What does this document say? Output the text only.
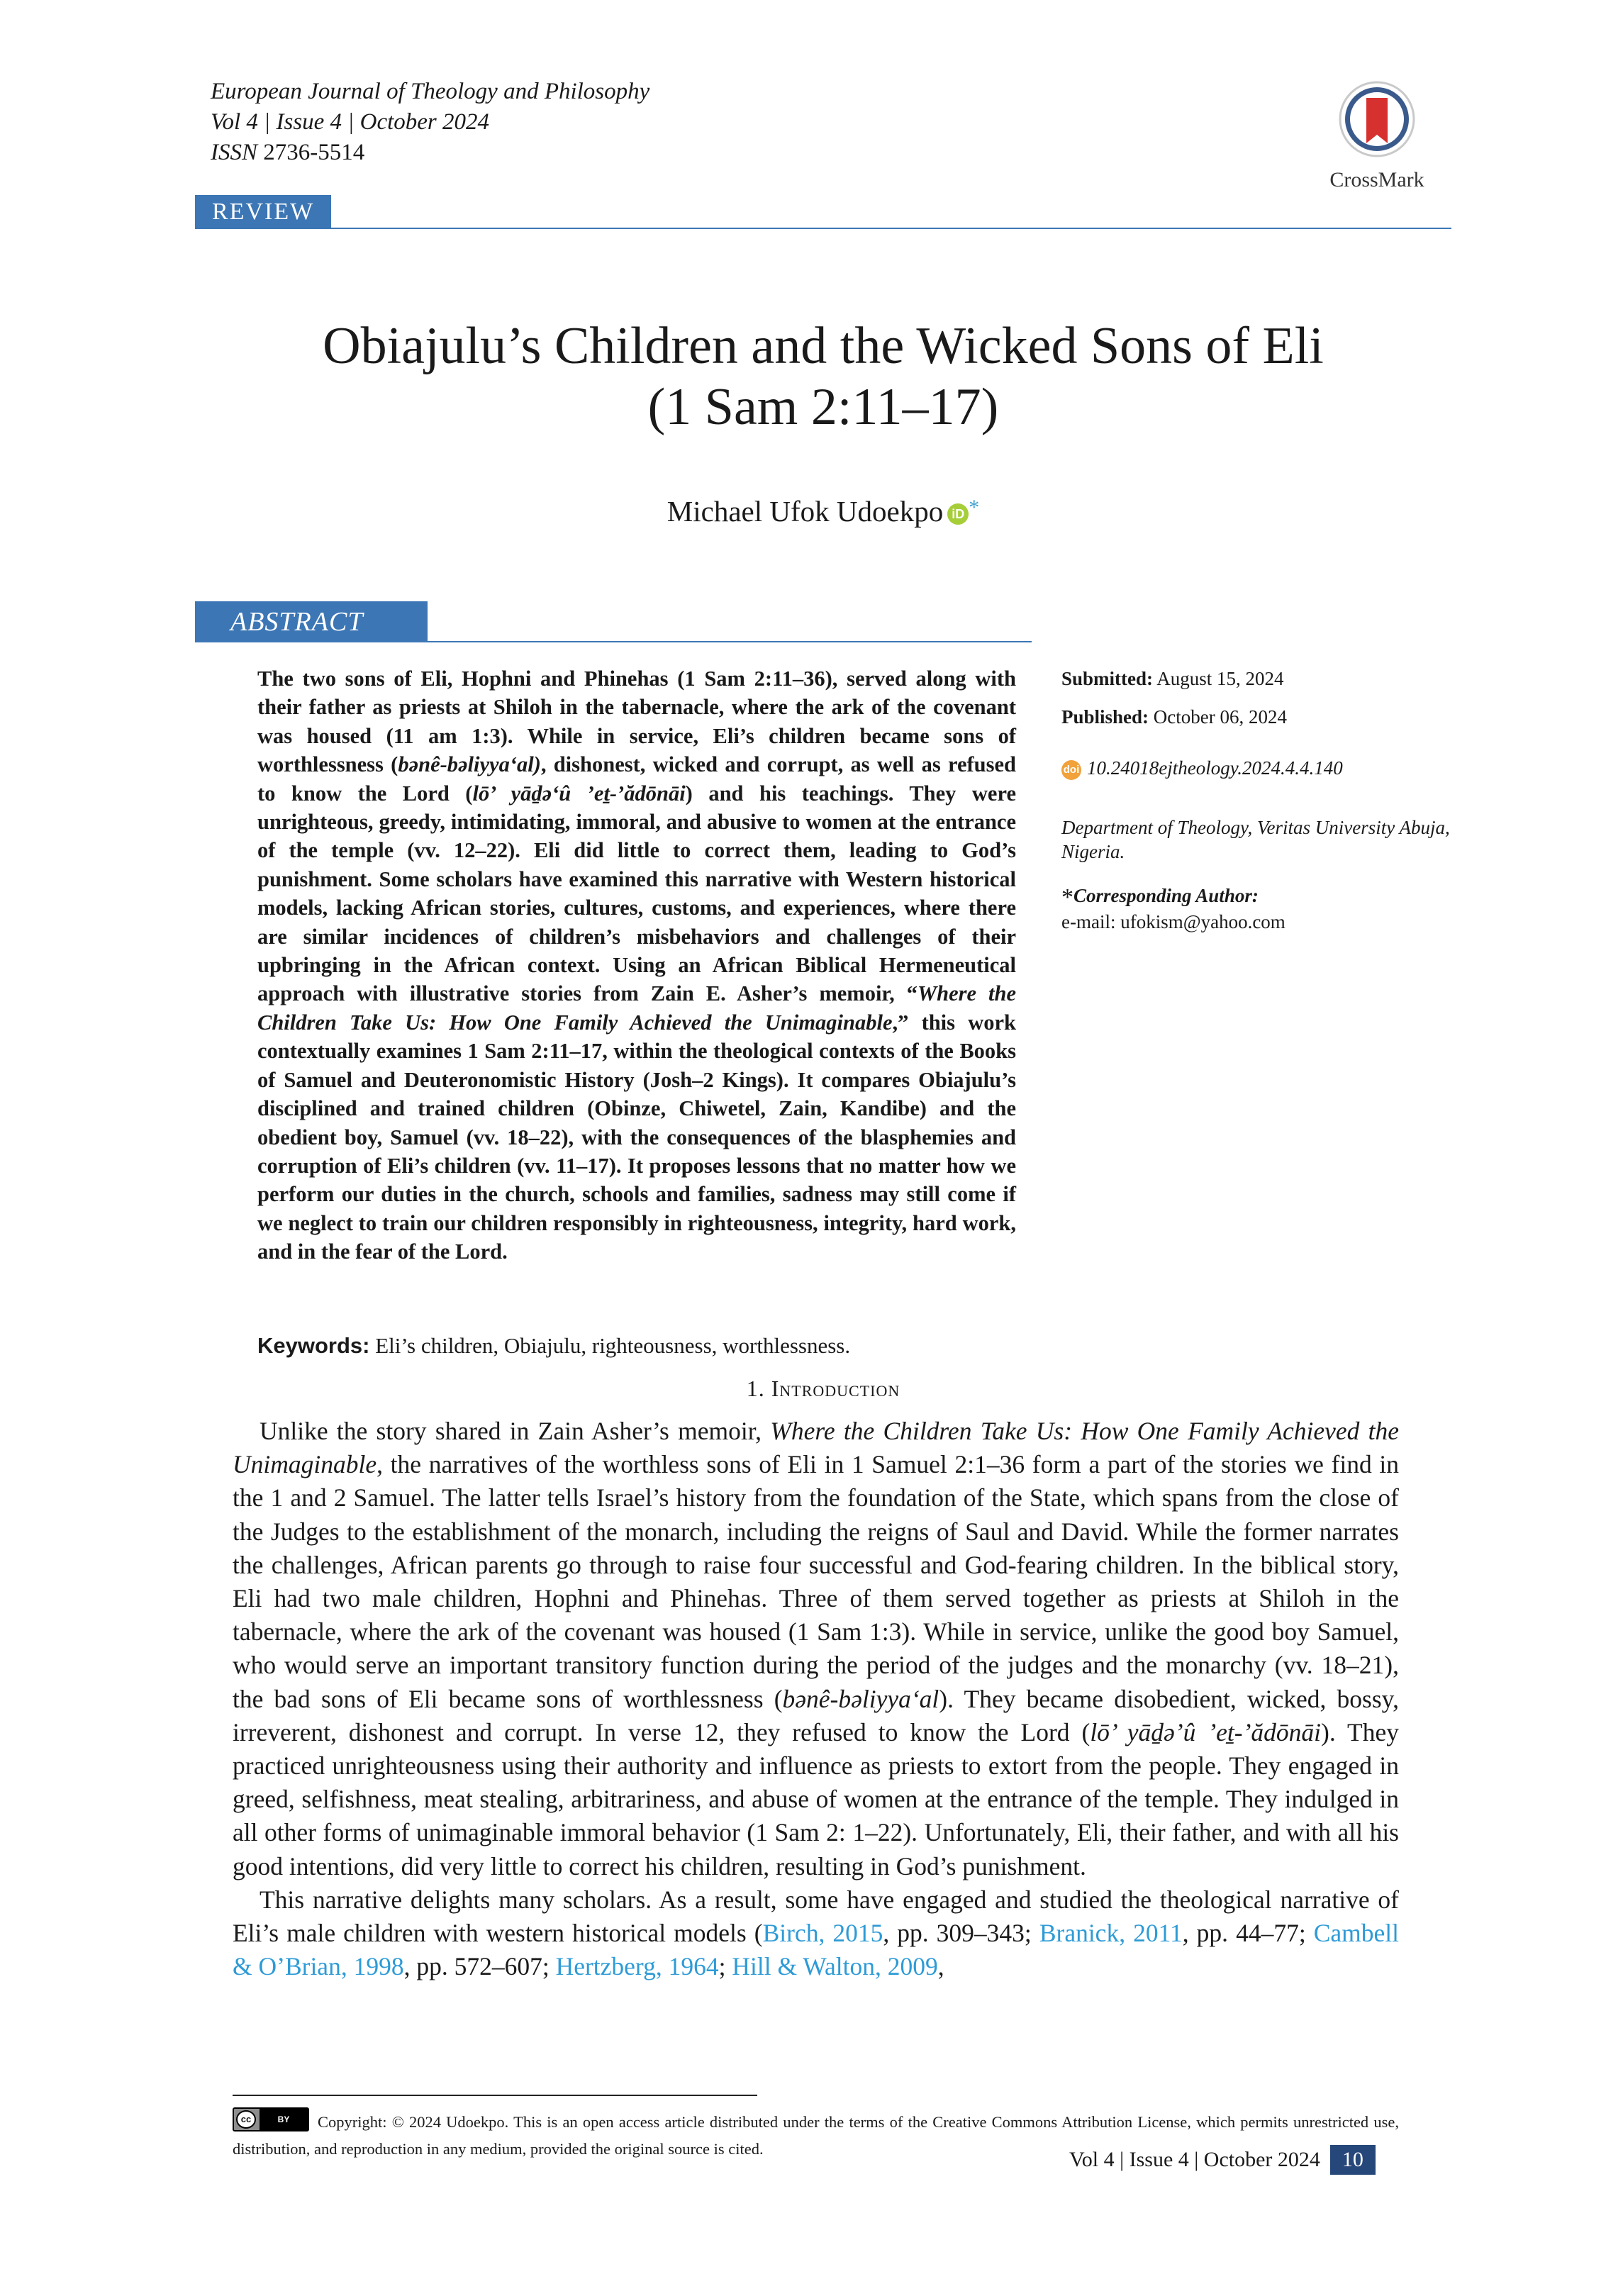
European Journal of Theology and Philosophy
Vol 4 | Issue 4 | October 2024
ISSN 2736-5514
CrossMark
REVIEW
Obiajulu’s Children and the Wicked Sons of Eli
(1 Sam 2:11–17)
Michael Ufok Udoekpo iD *
ABSTRACT

The two sons of Eli, Hophni and Phinehas (1 Sam 2:11–36), served along with their father as priests at Shiloh in the tabernacle, where the ark of the covenant was housed (11 am 1:3). While in service, Eli’s children became sons of worthlessness (bənê-bəliyya‘al), dishonest, wicked and corrupt, as well as refused to know the Lord (lō’ yāḏə‘û ’eṯ-’ădōnāi) and his teachings. They were unrighteous, greedy, intimidating, immoral, and abusive to women at the entrance of the temple (vv. 12–22). Eli did little to correct them, leading to God’s punishment. Some scholars have examined this narrative with Western historical models, lacking African stories, cultures, customs, and experiences, where there are similar incidences of children’s misbehaviors and challenges of their upbringing in the African context. Using an African Biblical Hermeneutical approach with illustrative stories from Zain E. Asher’s memoir, “Where the Children Take Us: How One Family Achieved the Unimaginable,” this work contextually examines 1 Sam 2:11–17, within the theological contexts of the Books of Samuel and Deuteronomistic History (Josh–2 Kings). It compares Obiajulu’s disciplined and trained children (Obinze, Chiwetel, Zain, Kandibe) and the obedient boy, Samuel (vv. 18–22), with the consequences of the blasphemies and corruption of Eli’s children (vv. 11–17). It proposes lessons that no matter how we perform our duties in the church, schools and families, sadness may still come if we neglect to train our children responsibly in righteousness, integrity, hard work, and in the fear of the Lord.

Submitted: August 15, 2024

Published: October 06, 2024

doi 10.24018ejtheology.2024.4.4.140

Department of Theology, Veritas University Abuja, Nigeria.

*Corresponding Author:

e-mail: ufokism@yahoo.com

Keywords: Eli’s children, Obiajulu, righteousness, worthlessness.
1. Introduction

Unlike the story shared in Zain Asher’s memoir, Where the Children Take Us: How One Family Achieved the Unimaginable, the narratives of the worthless sons of Eli in 1 Samuel 2:1–36 form a part of the stories we find in the 1 and 2 Samuel. The latter tells Israel’s history from the foundation of the State, which spans from the close of the Judges to the establishment of the monarch, including the reigns of Saul and David. While the former narrates the challenges, African parents go through to raise four successful and God-fearing children. In the biblical story, Eli had two male children, Hophni and Phinehas. Three of them served together as priests at Shiloh in the tabernacle, where the ark of the covenant was housed (1 Sam 1:3). While in service, unlike the good boy Samuel, who would serve an important transitory function during the period of the judges and the monarchy (vv. 18–21), the bad sons of Eli became sons of worthlessness (bənê-bəliyya‘al). They became disobedient, wicked, bossy, irreverent, dishonest and corrupt. In verse 12, they refused to know the Lord (lō’ yāḏə’û ’eṯ-’ădōnāi). They practiced unrighteousness using their authority and influence as priests to extort from the people. They engaged in greed, selfishness, meat stealing, arbitrariness, and abuse of women at the entrance of the temple. They indulged in all other forms of unimaginable immoral behavior (1 Sam 2: 1–22). Unfortunately, Eli, their father, and with all his good intentions, did very little to correct his children, resulting in God’s punishment.

This narrative delights many scholars. As a result, some have engaged and studied the theological narrative of Eli’s male children with western historical models (Birch, 2015, pp. 309–343; Branick, 2011, pp. 44–77; Cambell & O’Brian, 1998, pp. 572–607; Hertzberg, 1964; Hill & Walton, 2009,

cc	BY	Copyright: © 2024 Udoekpo. This is an open access article distributed under the terms of the Creative Commons Attribution License, which permits unrestricted use, distribution, and reproduction in any medium, provided the original source is cited.	Vol 4 | Issue 4 | October 2024 10
